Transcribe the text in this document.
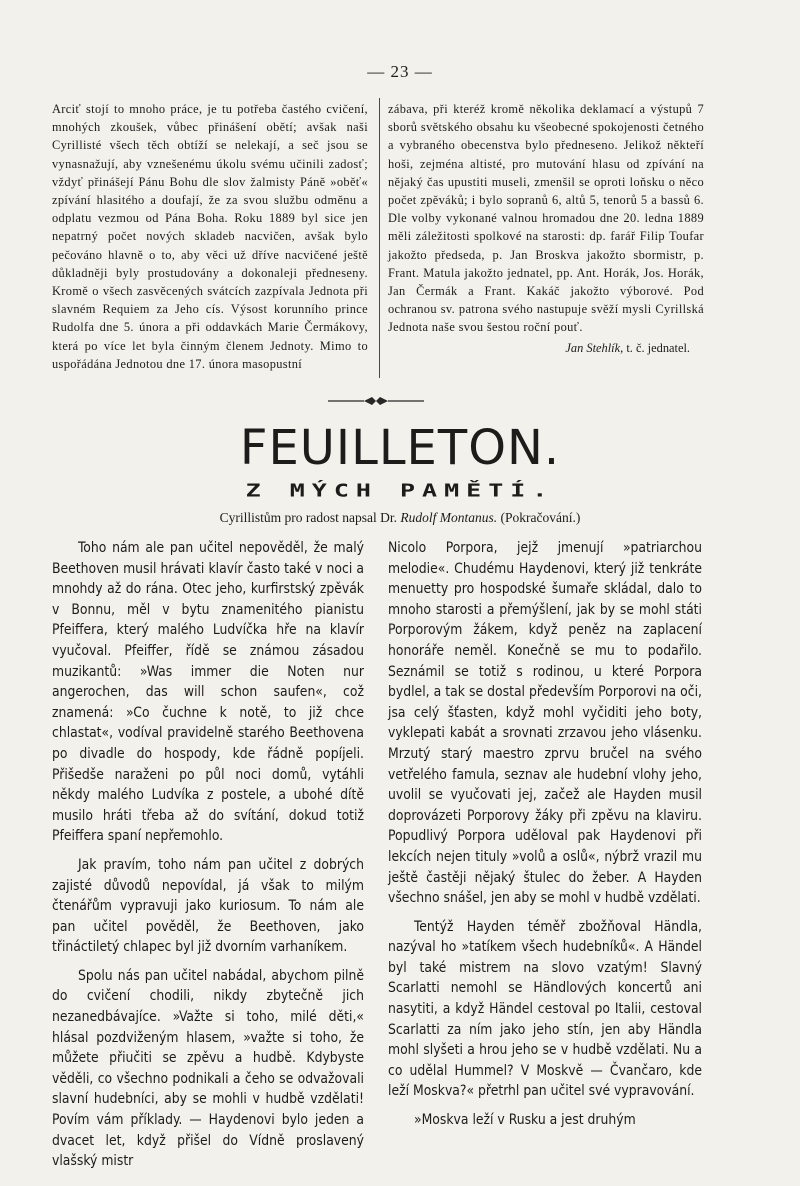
— 23 —

Arciť stojí to mnoho práce, je tu potřeba častého cvičení, mnohých zkoušek, vůbec přinášení obětí; avšak naši Cyrillisté všech těch obtíží se nelekají, a seč jsou se vynasnažují, aby vznešenému úkolu svému učinili zadosť; vždyť přinášejí Pánu Bohu dle slov žalmisty Páně »oběť« zpívání hlasitého a doufají, že za svou službu odměnu a odplatu vezmou od Pána Boha. Roku 1889 byl sice jen nepatrný počet nových skladeb nacvičen, avšak bylo pečováno hlavně o to, aby věci už dříve nacvičené ještě důkladněji byly prostudovány a dokonaleji předneseny. Kromě o všech zasvěcených svátcích zazpívala Jednota při slavném Requiem za Jeho cís. Výsost korunního prince Rudolfa dne 5. února a při oddavkách Marie Čermákovy, která po více let byla činným členem Jednoty. Mimo to uspořádána Jednotou dne 17. února masopustní

zábava, při kteréž kromě několika deklamací a výstupů 7 sborů světského obsahu ku všeobecné spokojenosti četného a vybraného obecenstva bylo předneseno. Jelikož někteří hoši, zejména altisté, pro mutování hlasu od zpívání na nějaký čas upustiti museli, zmenšil se oproti loňsku o něco počet zpěváků; i bylo sopranů 6, altů 5, tenorů 5 a bassů 6. Dle volby vykonané valnou hromadou dne 20. ledna 1889 měli záležitosti spolkové na starosti: dp. farář Filip Toufar jakožto předseda, p. Jan Broskva jakožto sbormistr, p. Frant. Matula jakožto jednatel, pp. Ant. Horák, Jos. Horák, Jan Čermák a Frant. Kakáč jakožto výborové. Pod ochranou sv. patrona svého nastupuje svěží mysli Cyrillská Jednota naše svou šestou roční pouť.

Jan Stehlík, t. č. jednatel.
FEUILLETON.
Z MÝCH PAMĚTÍ.
Cyrillistům pro radost napsal Dr. Rudolf Montanus. (Pokračování.)

Toho nám ale pan učitel nepověděl, že malý Beethoven musil hrávati klavír často také v noci a mnohdy až do rána. Otec jeho, kurfirstský zpěvák v Bonnu, měl v bytu znamenitého pianistu Pfeiffera, který malého Ludvíčka hře na klavír vyučoval. Pfeiffer, řídě se známou zásadou muzikantů: »Was immer die Noten nur angerochen, das will schon saufen«, což znamená: »Co čuchne k notě, to již chce chlastat«, vodíval pravidelně starého Beethovena po divadle do hospody, kde řádně popíjeli. Přišedše naraženi po půl noci domů, vytáhli někdy malého Ludvíka z postele, a ubohé dítě musilo hráti třeba až do svítání, dokud totiž Pfeiffera spaní nepřemohlo.

Jak pravím, toho nám pan učitel z dobrých zajisté důvodů nepovídal, já však to milým čtenářům vypravuji jako kuriosum. To nám ale pan učitel pověděl, že Beethoven, jako třináctiletý chlapec byl již dvorním varhaníkem.

Spolu nás pan učitel nabádal, abychom pilně do cvičení chodili, nikdy zbytečně jich nezanedbávajíce. »Važte si toho, milé děti,« hlásal pozdviženým hlasem, »važte si toho, že můžete přiučiti se zpěvu a hudbě. Kdybyste věděli, co všechno podnikali a čeho se odvažovali slavní hudebníci, aby se mohli v hudbě vzdělati! Povím vám příklady. — Haydenovi bylo jeden a dvacet let, když přišel do Vídně proslavený vlašský mistr

Nicolo Porpora, jejž jmenují »patriarchou melodie«. Chudému Haydenovi, který již tenkráte menuetty pro hospodské šumaře skládal, dalo to mnoho starosti a přemýšlení, jak by se mohl státi Porporovým žákem, když peněz na zaplacení honoráře neměl. Konečně se mu to podařilo. Seznámil se totiž s rodinou, u které Porpora bydlel, a tak se dostal především Porporovi na oči, jsa celý šťasten, když mohl vyčiditi jeho boty, vyklepati kabát a srovnati zrzavou jeho vlásenku. Mrzutý starý maestro zprvu bručel na svého vetřelého famula, seznav ale hudební vlohy jeho, uvolil se vyučovati jej, začež ale Hayden musil doprovázeti Porporovy žáky při zpěvu na klaviru. Popudlivý Porpora uděloval pak Haydenovi při lekcích nejen tituly »volů a oslů«, nýbrž vrazil mu ještě častěji nějaký štulec do žeber. A Hayden všechno snášel, jen aby se mohl v hudbě vzdělati.

Tentýž Hayden téměř zbožňoval Händla, nazýval ho »tatíkem všech hudebníků«. A Händel byl také mistrem na slovo vzatým! Slavný Scarlatti nemohl se Händlových koncertů ani nasytiti, a když Händel cestoval po Italii, cestoval Scarlatti za ním jako jeho stín, jen aby Händla mohl slyšeti a hrou jeho se v hudbě vzdělati. Nu a co udělal Hummel? V Moskvě — Čvančaro, kde leží Moskva?« přetrhl pan učitel své vypravování.

»Moskva leží v Rusku a jest druhým
